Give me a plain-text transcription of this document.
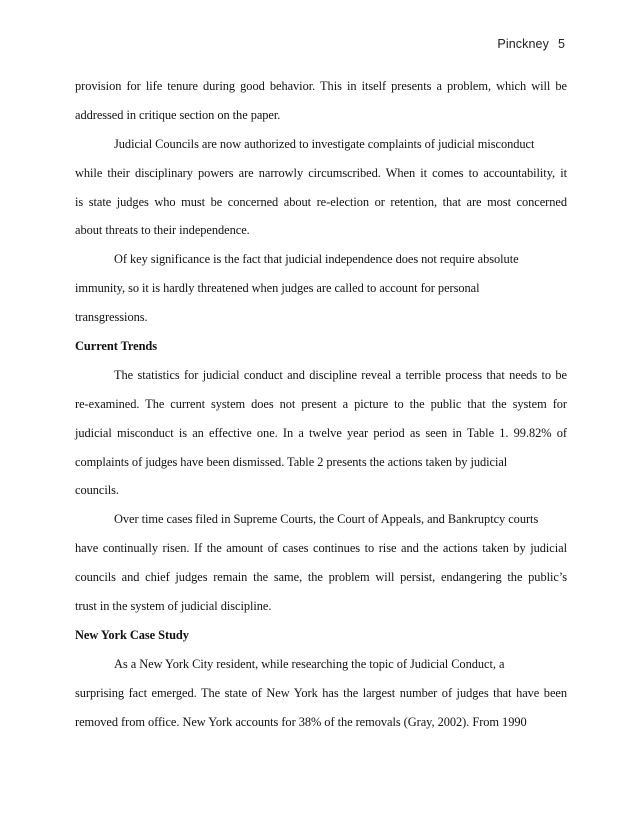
Pinckney 5
provision for life tenure during good behavior. This in itself presents a problem, which will be
addressed in critique section on the paper.
Judicial Councils are now authorized to investigate complaints of judicial misconduct
while their disciplinary powers are narrowly circumscribed. When it comes to accountability, it
is state judges who must be concerned about re-election or retention, that are most concerned
about threats to their independence.
Of key significance is the fact that judicial independence does not require absolute
immunity, so it is hardly threatened when judges are called to account for personal
transgressions.
Current Trends
The statistics for judicial conduct and discipline reveal a terrible process that needs to be
re-examined. The current system does not present a picture to the public that the system for
judicial misconduct is an effective one. In a twelve year period as seen in Table 1. 99.82% of
complaints of judges have been dismissed. Table 2 presents the actions taken by judicial
councils.
Over time cases filed in Supreme Courts, the Court of Appeals, and Bankruptcy courts
have continually risen. If the amount of cases continues to rise and the actions taken by judicial
councils and chief judges remain the same, the problem will persist, endangering the public’s
trust in the system of judicial discipline.
New York Case Study
As a New York City resident, while researching the topic of Judicial Conduct, a
surprising fact emerged. The state of New York has the largest number of judges that have been
removed from office. New York accounts for 38% of the removals (Gray, 2002). From 1990
